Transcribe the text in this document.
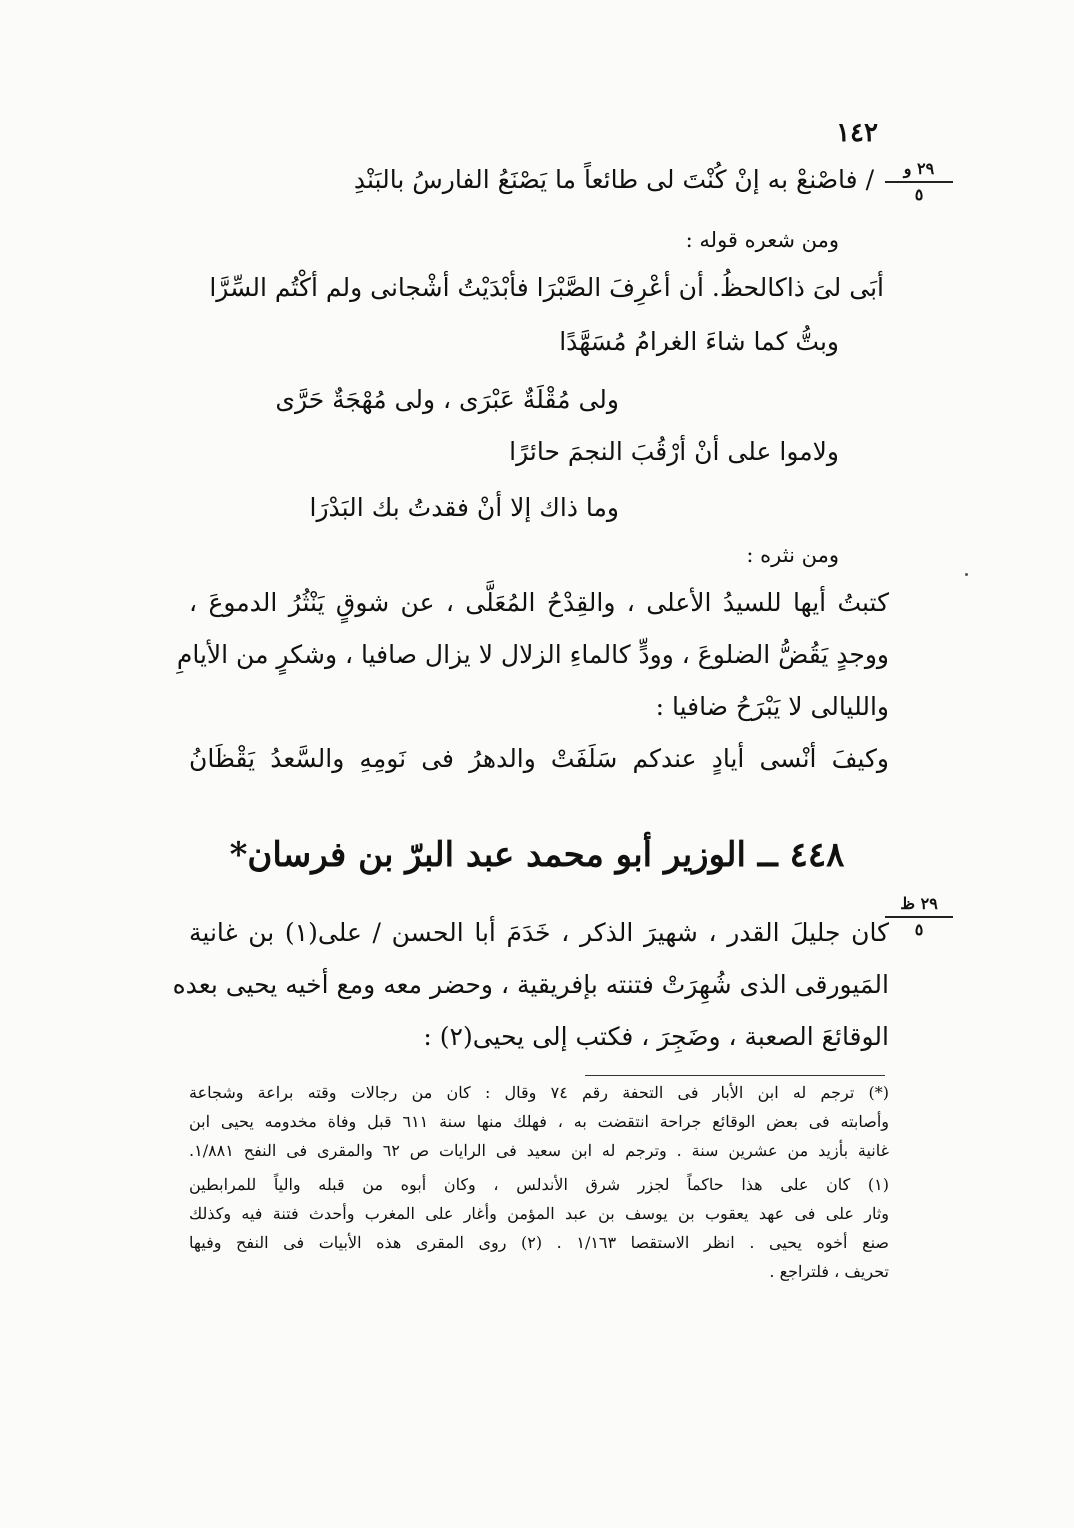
١٤٢
٢٩ و
٥
/ فاصْنعْ به إنْ كُنْتَ لى طائعاً ما يَصْنَعُ الفارسُ بالبَنْدِ
ومن شعره قوله :
أبَى لىَ ذاكالحظُ. أن أعْرِفَ الصَّبْرَا فأبْدَيْتُ أشْجانى ولم أكْتُم السِّرَّا
وبتُّ كما شاءَ الغرامُ مُسَهَّدًا
ولى مُقْلَةٌ عَبْرَى ، ولى مُهْجَةٌ حَرَّى
ولاموا على أنْ أرْقُبَ النجمَ حائرًا
وما ذاك إلا أنْ فقدتُ بك البَدْرَا
ومن نثره :
كتبتُ أيها للسيدُ الأعلى ، والقِدْحُ المُعَلَّى ، عن شوقٍ يَنْثُرُ الدموعَ ،
ووجدٍ يَقُضُّ الضلوعَ ، وودٍّ كالماءِ الزلال لا يزال صافيا ، وشكرٍ من الأيامِ
والليالى لا يَبْرَحُ ضافيا :
وكيفَ أنْسى أيادٍ عندكم سَلَفَتْ والدهرُ فى نَومِهِ والسَّعدُ يَقْظَانُ
٤٤٨ ــ الوزير أبو محمد عبد البرّ بن فرسان*
٢٩ ظ
٥
كان جليلَ القدر ، شهيرَ الذكر ، خَدَمَ أبا الحسن / على(١) بن غانية
المَيورقى الذى شُهِرَتْ فتنته بإفريقية ، وحضر معه ومع أخيه يحيى بعده
الوقائعَ الصعبة ، وضَجِرَ ، فكتب إلى يحيى(٢) :
(*) ترجم له ابن الأبار فى التحفة رقم ٧٤ وقال : كان من رجالات وقته براعة وشجاعة
وأصابته فى بعض الوقائع جراحة انتقضت به ، فهلك منها سنة ٦١١ قبل وفاة مخدومه يحيى ابن
غانية بأزيد من عشرين سنة . وترجم له ابن سعيد فى الرايات ص ٦٢ والمقرى فى النفح ١/٨٨١.
(١) كان على هذا حاكماً لجزر شرق الأندلس ، وكان أبوه من قبله والياً للمرابطين
وثار على فى عهد يعقوب بن يوسف بن عبد المؤمن وأغار على المغرب وأحدث فتنة فيه وكذلك
صنع أخوه يحيى . انظر الاستقصا ١/١٦٣ . (٢) روى المقرى هذه الأبيات فى النفح وفيها
تحريف ، فلتراجع .
